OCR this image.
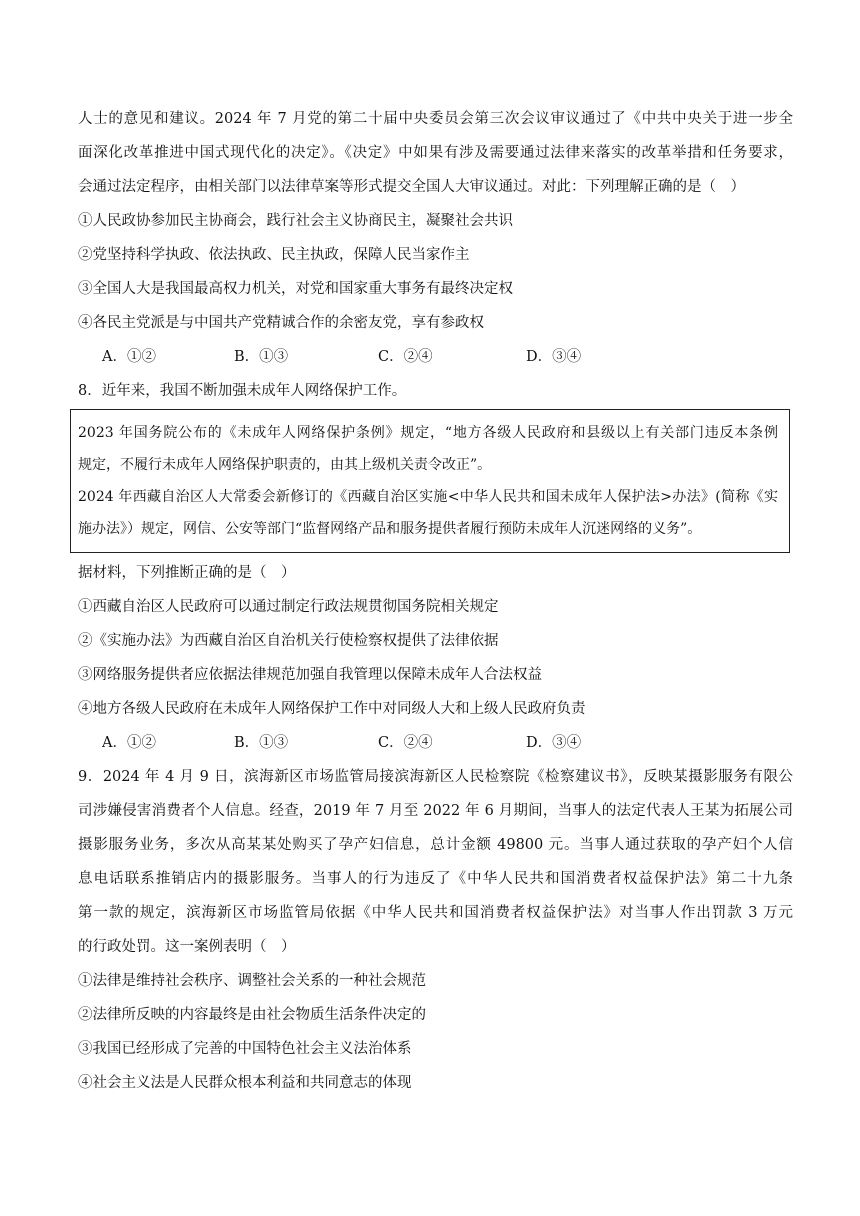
人士的意见和建议。2024 年 7 月党的第二十届中央委员会第三次会议审议通过了《中共中央关于进一步全
面深化改革推进中国式现代化的决定》。《决定》中如果有涉及需要通过法律来落实的改革举措和任务要求，
会通过法定程序，由相关部门以法律草案等形式提交全国人大审议通过。对此：下列理解正确的是（　）
①人民政协参加民主协商会，践行社会主义协商民主，凝聚社会共识
②党坚持科学执政、依法执政、民主执政，保障人民当家作主
③全国人大是我国最高权力机关，对党和国家重大事务有最终决定权
④各民主党派是与中国共产党精诚合作的余密友党，享有参政权
A．①②	B．①③	C．②④	D．③④
8．近年来，我国不断加强未成年人网络保护工作。
2023 年国务院公布的《未成年人网络保护条例》规定，“地方各级人民政府和县级以上有关部门违反本条例
规定，不履行未成年人网络保护职责的，由其上级机关责令改正”。
2024 年西藏自治区人大常委会新修订的《西藏自治区实施<中华人民共和国未成年人保护法>办法》(简称《实
施办法》）规定，网信、公安等部门“监督网络产品和服务提供者履行预防未成年人沉迷网络的义务”。
据材料，下列推断正确的是（　）
①西藏自治区人民政府可以通过制定行政法规贯彻国务院相关规定
②《实施办法》为西藏自治区自治机关行使检察权提供了法律依据
③网络服务提供者应依据法律规范加强自我管理以保障未成年人合法权益
④地方各级人民政府在未成年人网络保护工作中对同级人大和上级人民政府负责
A．①②	B．①③	C．②④	D．③④
9．2024 年 4 月 9 日，滨海新区市场监管局接滨海新区人民检察院《检察建议书》，反映某摄影服务有限公
司涉嫌侵害消费者个人信息。经查，2019 年 7 月至 2022 年 6 月期间，当事人的法定代表人王某为拓展公司
摄影服务业务，多次从高某某处购买了孕产妇信息，总计金额 49800 元。当事人通过获取的孕产妇个人信
息电话联系推销店内的摄影服务。当事人的行为违反了《中华人民共和国消费者权益保护法》第二十九条
第一款的规定，滨海新区市场监管局依据《中华人民共和国消费者权益保护法》对当事人作出罚款 3 万元
的行政处罚。这一案例表明（　）
①法律是维持社会秩序、调整社会关系的一种社会规范
②法律所反映的内容最终是由社会物质生活条件决定的
③我国已经形成了完善的中国特色社会主义法治体系
④社会主义法是人民群众根本利益和共同意志的体现
